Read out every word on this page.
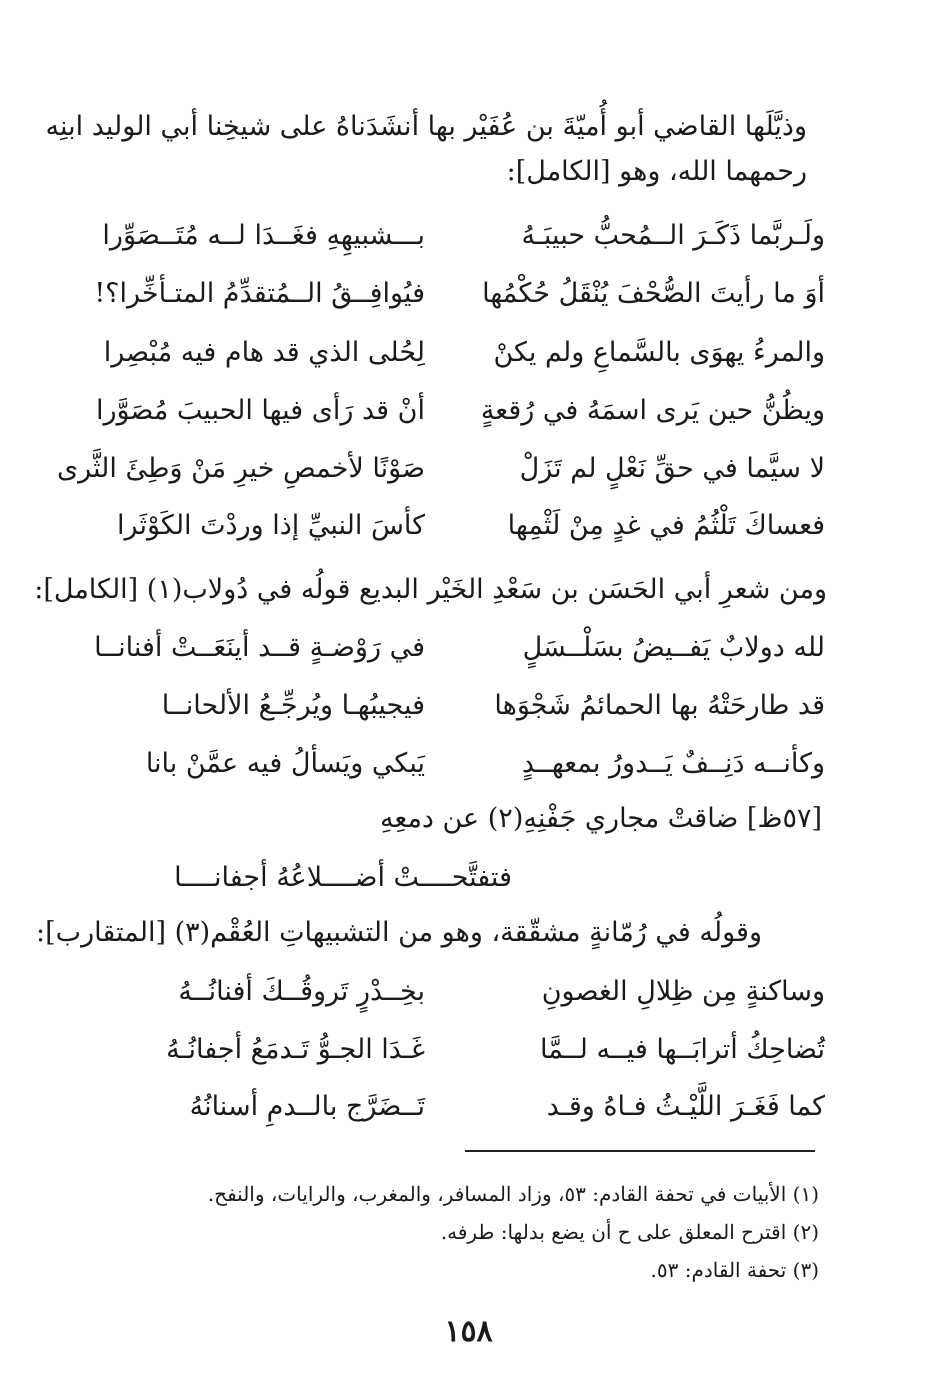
وذيَّلَها القاضي أبو أُميّةَ بن عُفَيْر بها أنشَدَناهُ على شيخِنا أبي الوليد ابنِه
رحمهما الله، وهو [الكامل]:
ولَـربَّما ذَكَـرَ الــمُحبُّ حبيبَـهُ
بـــشبيهِهِ فغَــدَا لــه مُتَــصَوِّرا
أوَ ما رأيتَ الصُّحْفَ يُنْقَلُ حُكْمُها
فيُوافِــقُ الــمُتقدِّمُ المتـأخِّرا؟!
والمرءُ يهوَى بالسَّماعِ ولم يكنْ
لِحُلى الذي قد هام فيه مُبْصِرا
ويظُنُّ حين يَرى اسمَهُ في رُقعةٍ
أنْ قد رَأى فيها الحبيبَ مُصَوَّرا
لا سيَّما في حقِّ نَعْلٍ لم تَزَلْ
صَوْنًا لأخمصِ خيرِ مَنْ وَطِئَ الثَّرى
فعساكَ تَلْثُمُ في غدٍ مِنْ لَثْمِها
كأسَ النبيِّ إذا وردْتَ الكَوْثَرا
ومن شعرِ أبي الحَسَن بن سَعْدِ الخَيْر البديع قولُه في دُولاب(١) [الكامل]:
لله دولابٌ يَفــيضُ بسَلْــسَلٍ
في رَوْضـةٍ قــد أينَعَــتْ أفنانــا
قد طارحَتْهُ بها الحمائمُ شَجْوَها
فيجيبُهـا ويُرجِّـعُ الألحانــا
وكأنــه دَنِــفٌ يَــدورُ بمعهــدٍ
يَبكي ويَسألُ فيه عمَّنْ بانا
[٥٧ظ] ضاقتْ مجاري جَفْنِهِ(٢) عن دمعِهِ
فتفتَّحــــتْ أضــــلاعُهُ أجفانــــا
وقولُه في رُمّانةٍ مشقّقة، وهو من التشبيهاتِ العُقْم(٣) [المتقارب]:
وساكنةٍ مِن ظِلالِ الغصونِ
بخِــدْرٍ تَروقُــكَ أفنانُــهُ
تُضاحِكُ أترابَــها فيــه لــمَّا
غَـدَا الجـوُّ تَـدمَعُ أجفانُـهُ
كما فَغَـرَ اللَّيْـثُ فـاهُ وقـد
تَــضَرَّج بالــدمِ أسنانُهُ
(١) الأبيات في تحفة القادم: ٥٣، وزاد المسافر، والمغرب، والرايات، والنفح.
(٢) اقترح المعلق على ح أن يضع بدلها: طرفه.
(٣) تحفة القادم: ٥٣.
١٥٨
